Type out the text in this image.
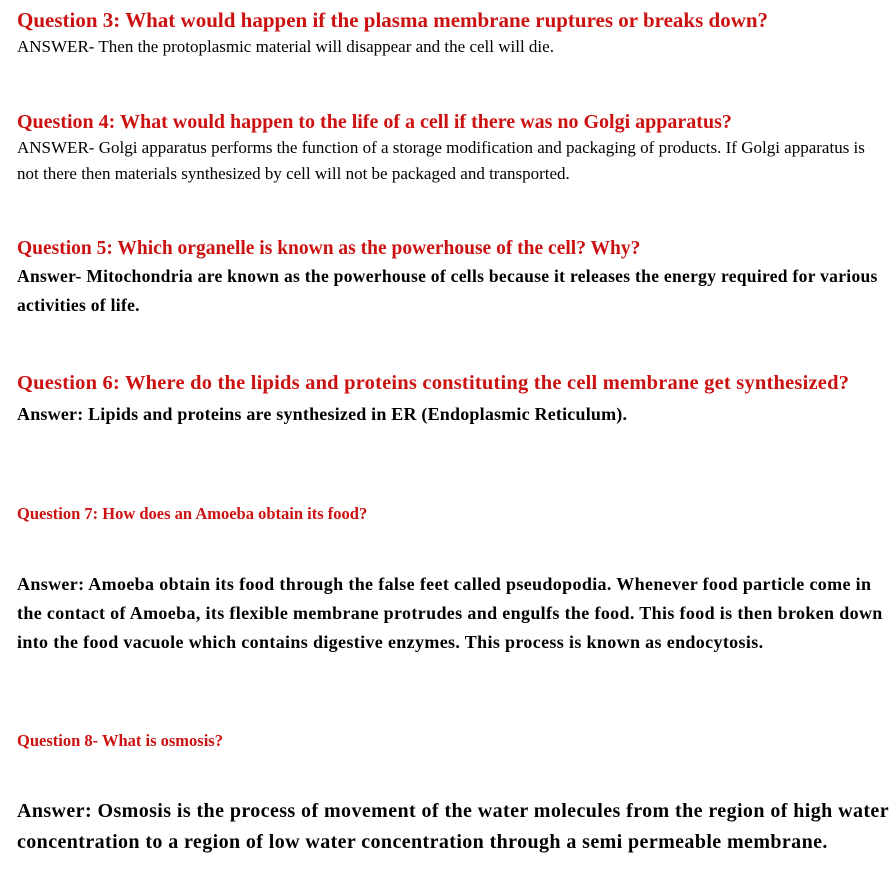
Question 3: What would happen if the plasma membrane ruptures or breaks down?

ANSWER- Then the protoplasmic material will disappear and the cell will die.

Question 4: What would happen to the life of a cell if there was no Golgi apparatus?

ANSWER- Golgi apparatus performs the function of a storage modification and packaging of products. If Golgi apparatus is not there then materials synthesized by cell will not be packaged and transported.

Question 5: Which organelle is known as the powerhouse of the cell? Why?

Answer- Mitochondria are known as the powerhouse of cells because it releases the energy required for various activities of life.

Question 6: Where do the lipids and proteins constituting the cell membrane get synthesized?

Answer: Lipids and proteins are synthesized in ER (Endoplasmic Reticulum).

Question 7: How does an Amoeba obtain its food?

Answer: Amoeba obtain its food through the false feet called pseudopodia. Whenever food particle come in the contact of Amoeba, its flexible membrane protrudes and engulfs the food. This food is then broken down into the food vacuole which contains digestive enzymes. This process is known as endocytosis.

Question 8- What is osmosis?

Answer: Osmosis is the process of movement of the water molecules from the region of high water concentration to a region of low water concentration through a semi permeable membrane.
